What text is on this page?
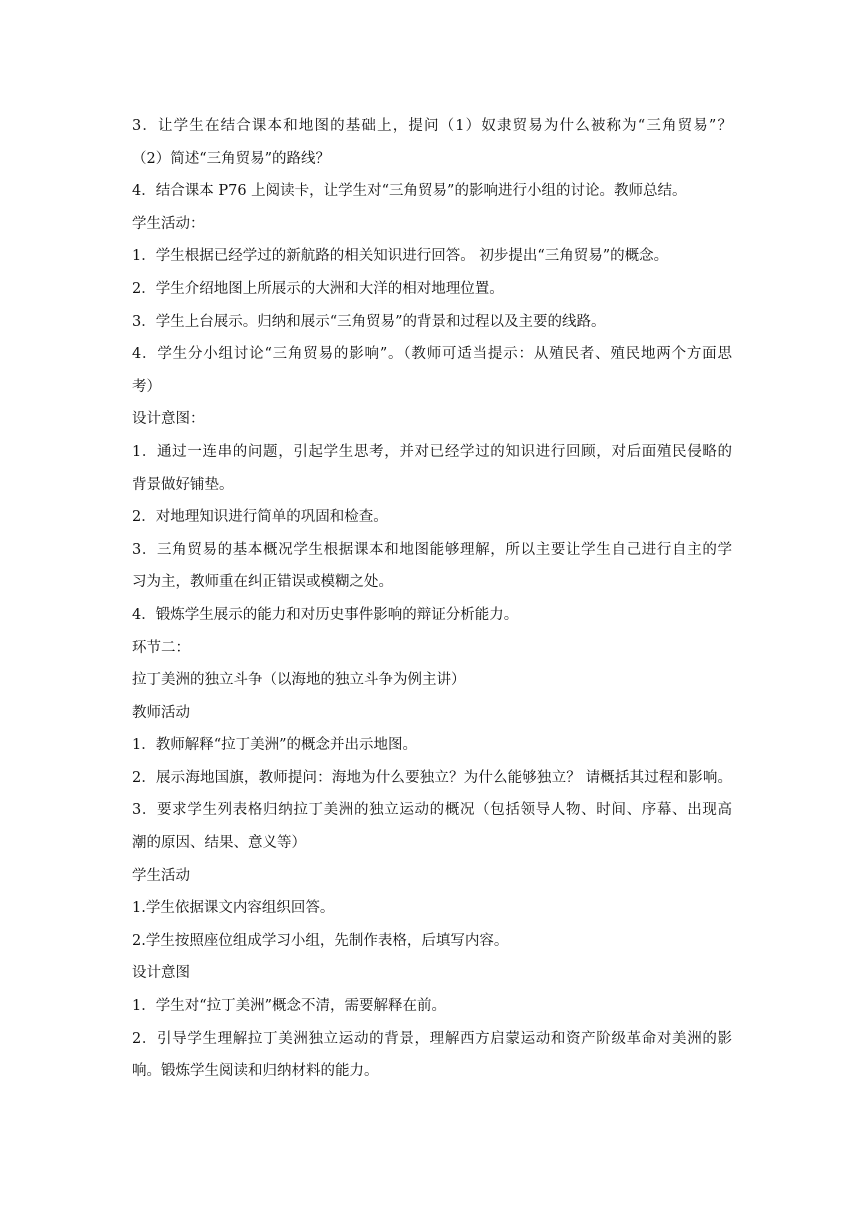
3．让学生在结合课本和地图的基础上，提问（1）奴隶贸易为什么被称为“三角贸易”？
（2）简述“三角贸易”的路线？
4．结合课本 P76 上阅读卡，让学生对“三角贸易”的影响进行小组的讨论。教师总结。
学生活动：
1．学生根据已经学过的新航路的相关知识进行回答。 初步提出“三角贸易”的概念。
2．学生介绍地图上所展示的大洲和大洋的相对地理位置。
3．学生上台展示。归纳和展示“三角贸易”的背景和过程以及主要的线路。
4．学生分小组讨论“三角贸易的影响”。（教师可适当提示：从殖民者、殖民地两个方面思
考）
设计意图：
1．通过一连串的问题，引起学生思考，并对已经学过的知识进行回顾，对后面殖民侵略的
背景做好铺垫。
2．对地理知识进行简单的巩固和检查。
3．三角贸易的基本概况学生根据课本和地图能够理解，所以主要让学生自己进行自主的学
习为主，教师重在纠正错误或模糊之处。
4．锻炼学生展示的能力和对历史事件影响的辩证分析能力。
环节二：
拉丁美洲的独立斗争（以海地的独立斗争为例主讲）
教师活动
1．教师解释“拉丁美洲”的概念并出示地图。
2．展示海地国旗，教师提问：海地为什么要独立？为什么能够独立？ 请概括其过程和影响。
3．要求学生列表格归纳拉丁美洲的独立运动的概况（包括领导人物、时间、序幕、出现高
潮的原因、结果、意义等）
学生活动
1.学生依据课文内容组织回答。
2.学生按照座位组成学习小组，先制作表格，后填写内容。
设计意图
1．学生对“拉丁美洲”概念不清，需要解释在前。
2．引导学生理解拉丁美洲独立运动的背景，理解西方启蒙运动和资产阶级革命对美洲的影
响。锻炼学生阅读和归纳材料的能力。
